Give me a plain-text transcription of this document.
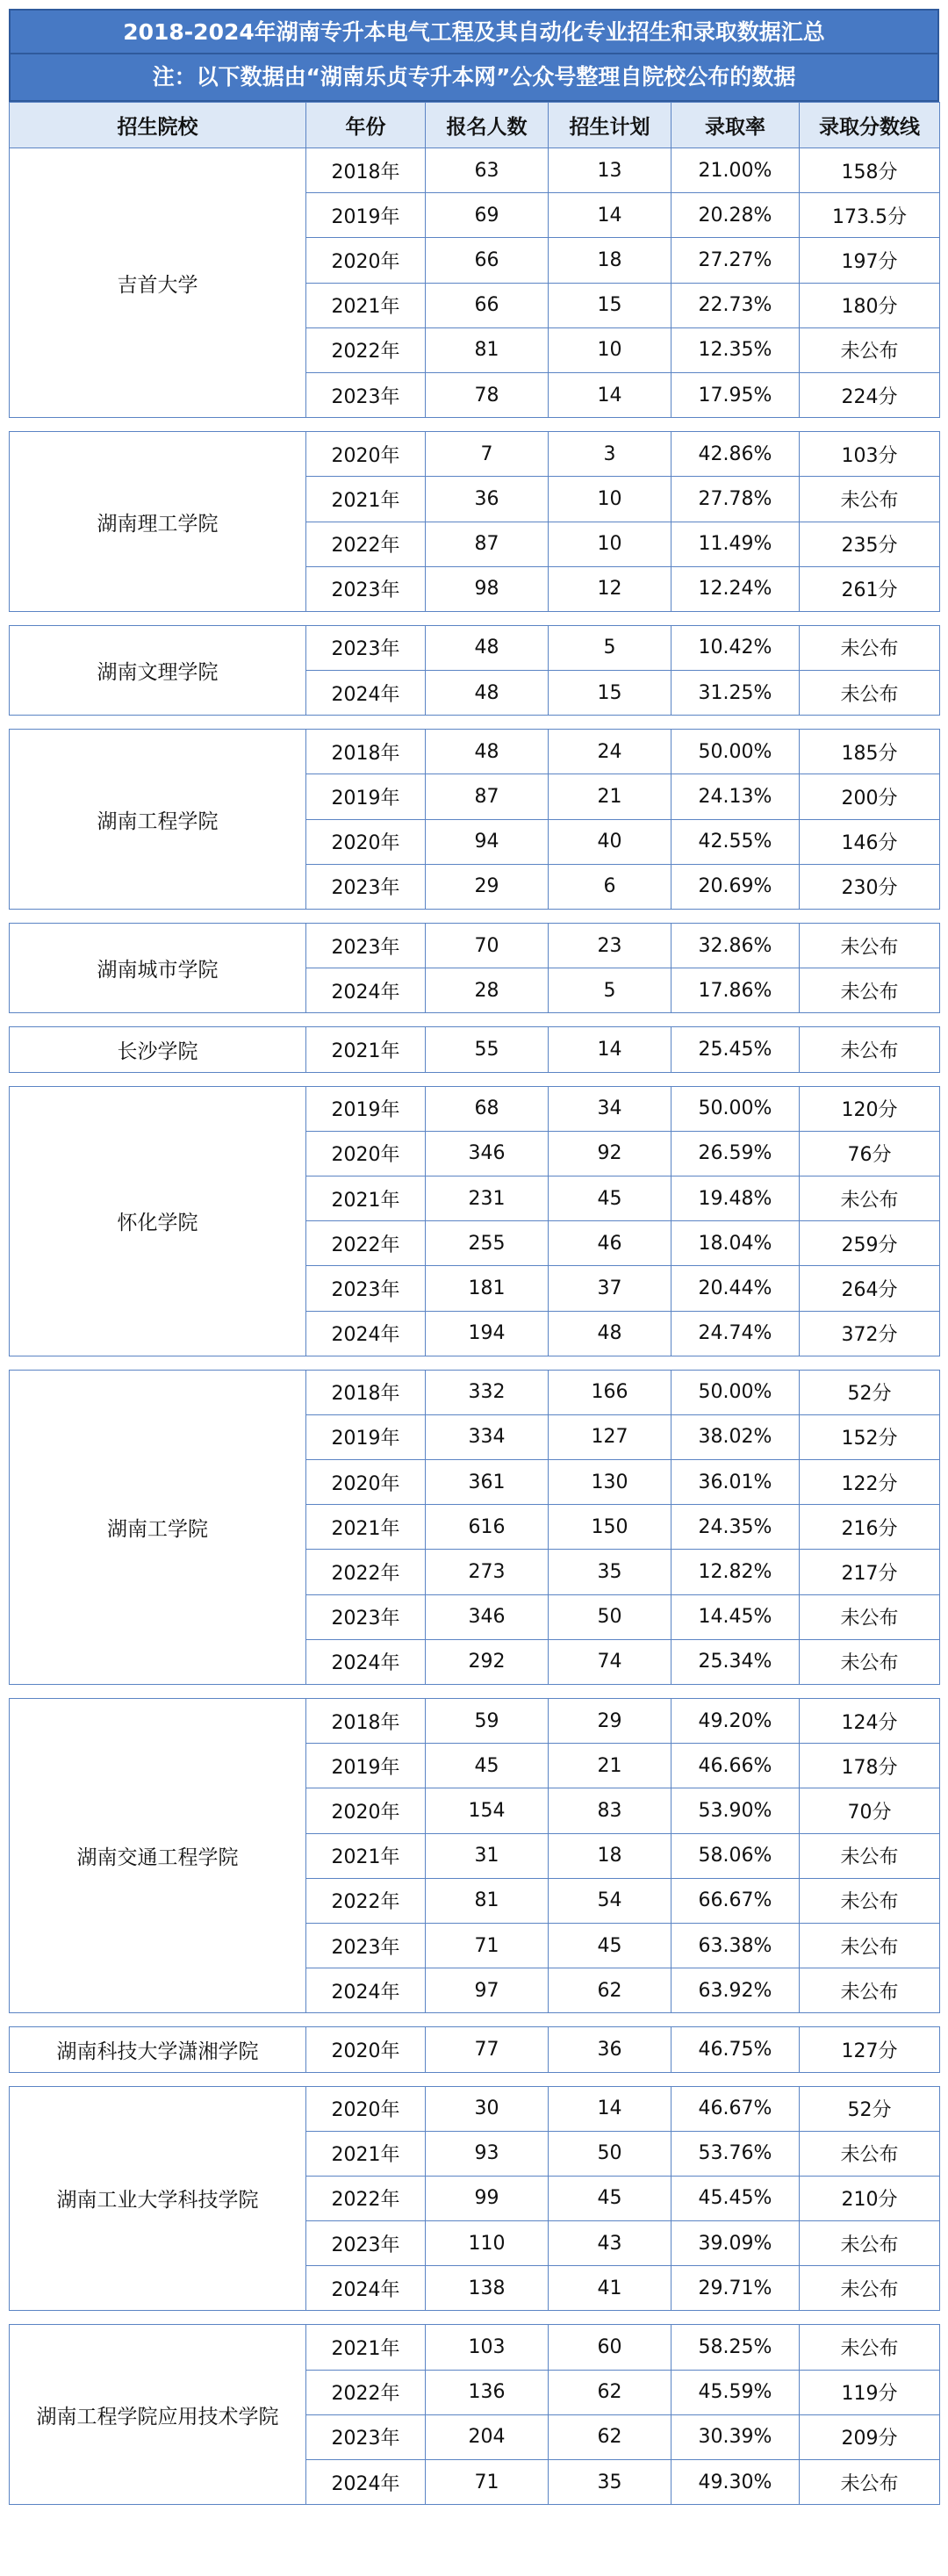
2018-2024年湖南专升本电气工程及其自动化专业招生和录取数据汇总
注：以下数据由“湖南乐贞专升本网”公众号整理自院校公布的数据
招生院校	年份	报名人数	招生计划	录取率	录取分数线
吉首大学	2018年	63	13	21.00%	158分
	2019年	69	14	20.28%	173.5分
	2020年	66	18	27.27%	197分
	2021年	66	15	22.73%	180分
	2022年	81	10	12.35%	未公布
	2023年	78	14	17.95%	224分

湖南理工学院	2020年	7	3	42.86%	103分
	2021年	36	10	27.78%	未公布
	2022年	87	10	11.49%	235分
	2023年	98	12	12.24%	261分

湖南文理学院	2023年	48	5	10.42%	未公布
	2024年	48	15	31.25%	未公布

湖南工程学院	2018年	48	24	50.00%	185分
	2019年	87	21	24.13%	200分
	2020年	94	40	42.55%	146分
	2023年	29	6	20.69%	230分

湖南城市学院	2023年	70	23	32.86%	未公布
	2024年	28	5	17.86%	未公布

长沙学院	2021年	55	14	25.45%	未公布

怀化学院	2019年	68	34	50.00%	120分
	2020年	346	92	26.59%	76分
	2021年	231	45	19.48%	未公布
	2022年	255	46	18.04%	259分
	2023年	181	37	20.44%	264分
	2024年	194	48	24.74%	372分

湖南工学院	2018年	332	166	50.00%	52分
	2019年	334	127	38.02%	152分
	2020年	361	130	36.01%	122分
	2021年	616	150	24.35%	216分
	2022年	273	35	12.82%	217分
	2023年	346	50	14.45%	未公布
	2024年	292	74	25.34%	未公布

湖南交通工程学院	2018年	59	29	49.20%	124分
	2019年	45	21	46.66%	178分
	2020年	154	83	53.90%	70分
	2021年	31	18	58.06%	未公布
	2022年	81	54	66.67%	未公布
	2023年	71	45	63.38%	未公布
	2024年	97	62	63.92%	未公布

湖南科技大学潇湘学院	2020年	77	36	46.75%	127分

湖南工业大学科技学院	2020年	30	14	46.67%	52分
	2021年	93	50	53.76%	未公布
	2022年	99	45	45.45%	210分
	2023年	110	43	39.09%	未公布
	2024年	138	41	29.71%	未公布

湖南工程学院应用技术学院	2021年	103	60	58.25%	未公布
	2022年	136	62	45.59%	119分
	2023年	204	62	30.39%	209分
	2024年	71	35	49.30%	未公布
